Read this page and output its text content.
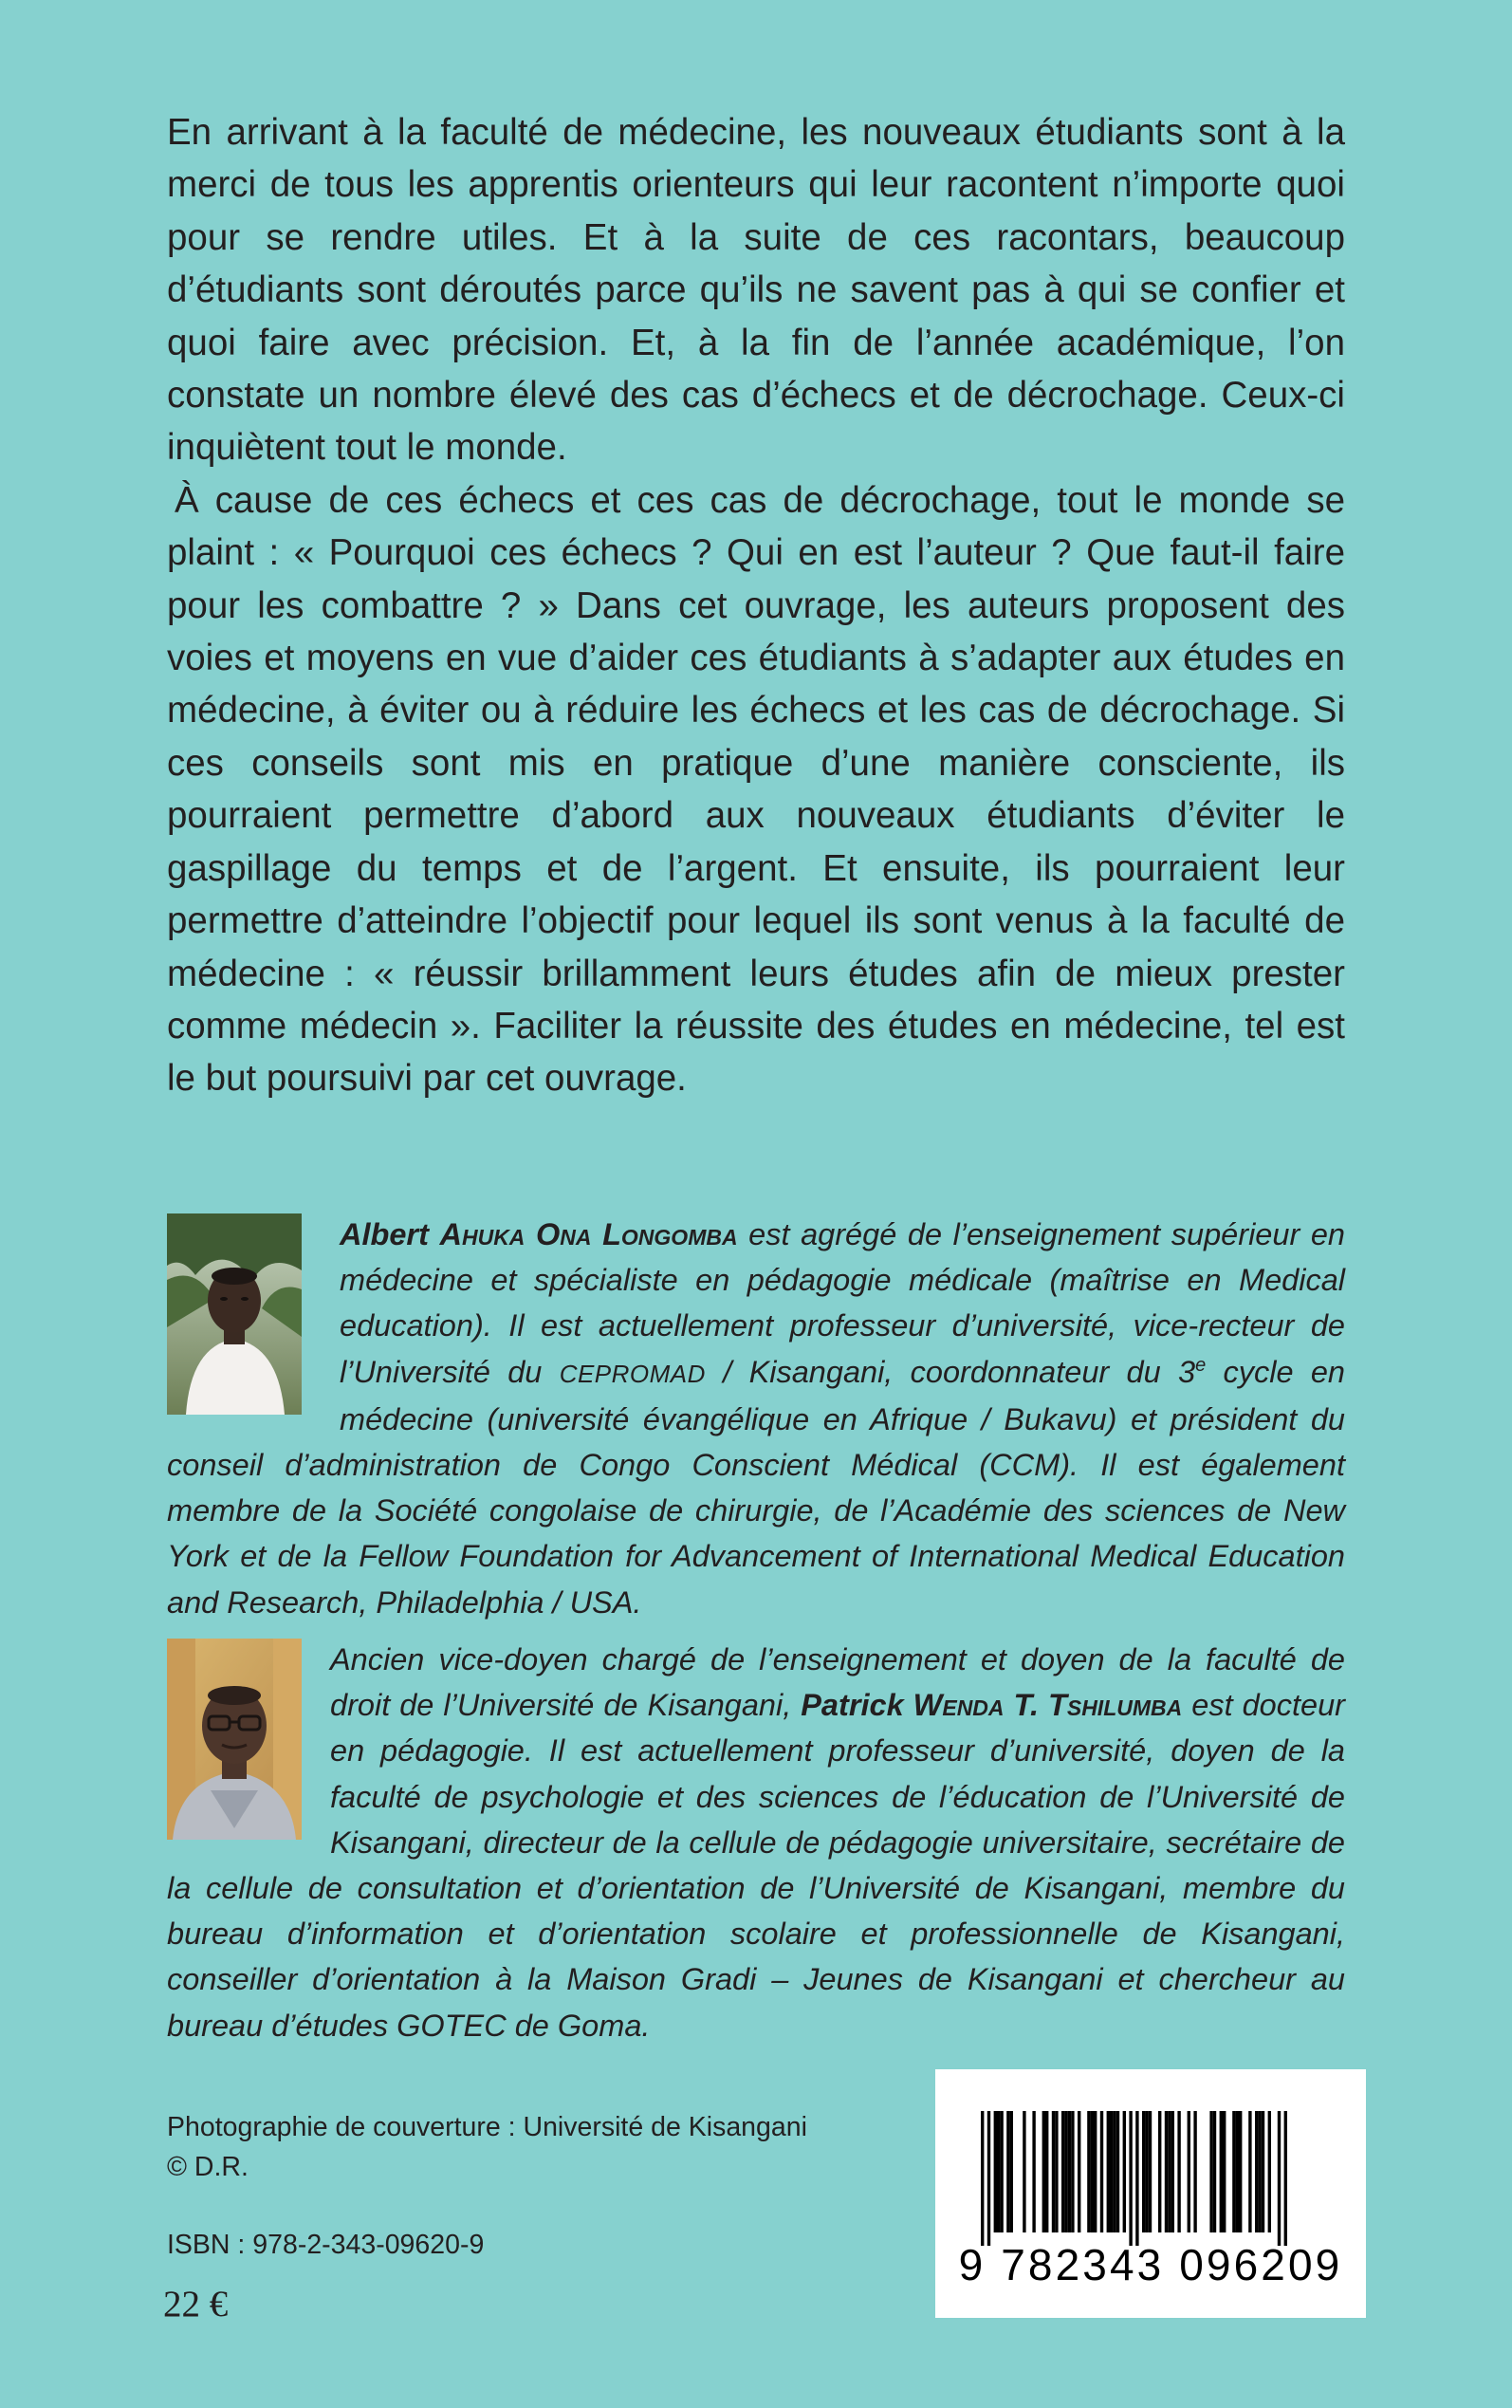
En arrivant à la faculté de médecine, les nouveaux étudiants sont à la merci de tous les apprentis orienteurs qui leur racontent n’importe quoi pour se rendre utiles. Et à la suite de ces racontars, beaucoup d’étudiants sont déroutés parce qu’ils ne savent pas à qui se confier et quoi faire avec précision. Et, à la fin de l’année académique, l’on constate un nombre élevé des cas d’échecs et de décrochage. Ceux-ci inquiètent tout le monde.

À cause de ces échecs et ces cas de décrochage, tout le monde se plaint : « Pourquoi ces échecs ? Qui en est l’auteur ? Que faut-il faire pour les combattre ? » Dans cet ouvrage, les auteurs proposent des voies et moyens en vue d’aider ces étudiants à s’adapter aux études en médecine, à éviter ou à réduire les échecs et les cas de décrochage. Si ces conseils sont mis en pratique d’une manière consciente, ils pourraient permettre d’abord aux nouveaux étudiants d’éviter le gaspillage du temps et de l’argent. Et ensuite, ils pourraient leur permettre d’atteindre l’objectif pour lequel ils sont venus à la faculté de médecine : « réussir brillamment leurs études afin de mieux prester comme médecin ». Faciliter la réussite des études en médecine, tel est le but poursuivi par cet ouvrage.

Albert Ahuka Ona Longomba est agrégé de l’enseignement supérieur en médecine et spécialiste en pédagogie médicale (maîtrise en Medical education). Il est actuellement professeur d’université, vice-recteur de l’Université du CEPROMAD / Kisangani, coordonnateur du 3e cycle en médecine (université évangélique en Afrique / Bukavu) et président du conseil d’administration de Congo Conscient Médical (CCM). Il est également membre de la Société congolaise de chirurgie, de l’Académie des sciences de New York et de la Fellow Foundation for Advancement of International Medical Education and Research, Philadelphia / USA.
Ancien vice-doyen chargé de l’enseignement et doyen de la faculté de droit de l’Université de Kisangani, Patrick Wenda T. Tshilumba est docteur en pédagogie. Il est actuellement professeur d’université, doyen de la faculté de psychologie et des sciences de l’éducation de l’Université de Kisangani, directeur de la cellule de pédagogie universitaire, secrétaire de la cellule de consultation et d’orientation de l’Université de Kisangani, membre du bureau d’information et d’orientation scolaire et professionnelle de Kisangani, conseiller d’orientation à la Maison Gradi – Jeunes de Kisangani et chercheur au bureau d’études GOTEC de Goma.

Photographie de couverture : Université de Kisangani

© D.R.

ISBN : 978-2-343-09620-9

22 €
9 782343 096209
